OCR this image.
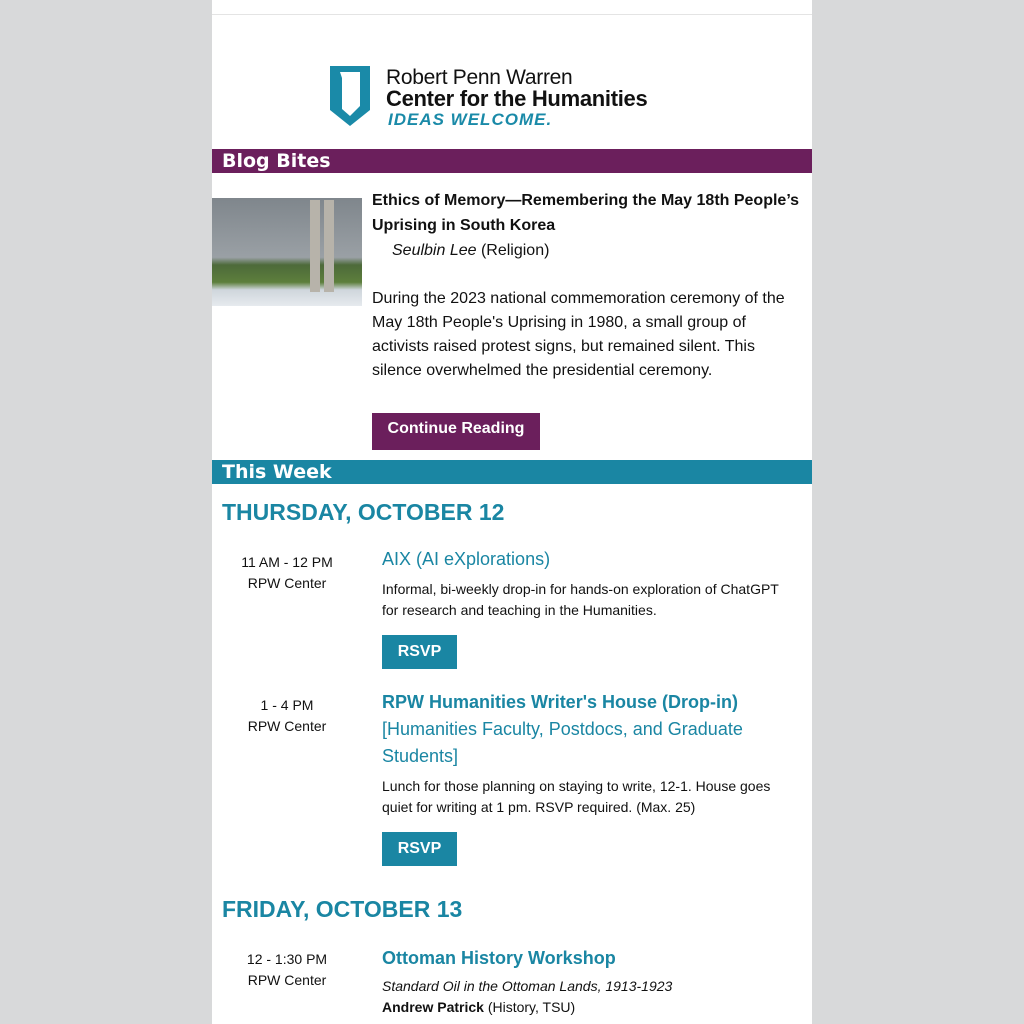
Robert Penn Warren
Center for the Humanities
IDEAS WELCOME.
Blog Bites
Ethics of Memory—Remembering the May 18th People’s Uprising in South Korea
Seulbin Lee (Religion)
During the 2023 national commemoration ceremony of the May 18th People's Uprising in 1980, a small group of activists raised protest signs, but remained silent. This silence overwhelmed the presidential ceremony.
Continue Reading
This Week
THURSDAY, OCTOBER 12
11 AM - 12 PM
RPW Center
AIX (AI eXplorations)
Informal, bi-weekly drop-in for hands-on exploration of ChatGPT for research and teaching in the Humanities.
RSVP
1 - 4 PM
RPW Center
RPW Humanities Writer's House (Drop-in)
[Humanities Faculty, Postdocs, and Graduate Students]
Lunch for those planning on staying to write, 12-1. House goes quiet for writing at 1 pm. RSVP required. (Max. 25)
RSVP
FRIDAY, OCTOBER 13
12 - 1:30 PM
RPW Center
Ottoman History Workshop
Standard Oil in the Ottoman Lands, 1913-1923
Andrew Patrick (History, TSU)
